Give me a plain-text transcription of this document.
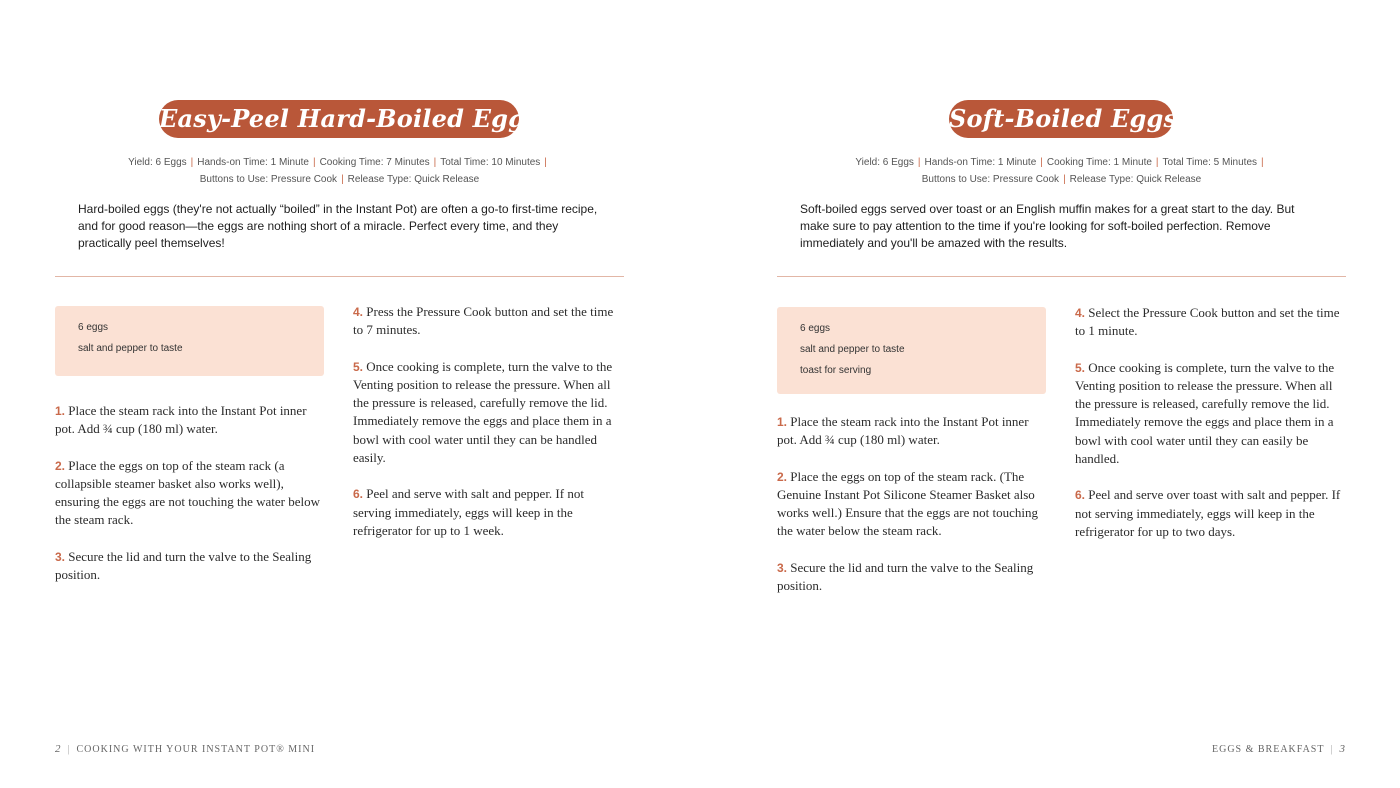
Easy-Peel Hard-Boiled Eggs
Yield: 6 Eggs | Hands-on Time: 1 Minute | Cooking Time: 7 Minutes | Total Time: 10 Minutes |
Buttons to Use: Pressure Cook | Release Type: Quick Release
Hard-boiled eggs (they're not actually “boiled” in the Instant Pot) are often a go-to first-time recipe, and for good reason—the eggs are nothing short of a miracle. Perfect every time, and they practically peel themselves!
6 eggs
salt and pepper to taste
1. Place the steam rack into the Instant Pot inner pot. Add ¾ cup (180 ml) water.
2. Place the eggs on top of the steam rack (a collapsible steamer basket also works well), ensuring the eggs are not touching the water below the steam rack.
3. Secure the lid and turn the valve to the Sealing position.
4. Press the Pressure Cook button and set the time to 7 minutes.
5. Once cooking is complete, turn the valve to the Venting position to release the pressure. When all the pressure is released, carefully remove the lid. Immediately remove the eggs and place them in a bowl with cool water until they can be handled easily.
6. Peel and serve with salt and pepper. If not serving immediately, eggs will keep in the refrigerator for up to 1 week.
Soft-Boiled Eggs
Yield: 6 Eggs | Hands-on Time: 1 Minute | Cooking Time: 1 Minute | Total Time: 5 Minutes |
Buttons to Use: Pressure Cook | Release Type: Quick Release
Soft-boiled eggs served over toast or an English muffin makes for a great start to the day. But make sure to pay attention to the time if you're looking for soft-boiled perfection. Remove immediately and you'll be amazed with the results.
6 eggs
salt and pepper to taste
toast for serving
1. Place the steam rack into the Instant Pot inner pot. Add ¾ cup (180 ml) water.
2. Place the eggs on top of the steam rack. (The Genuine Instant Pot Silicone Steamer Basket also works well.) Ensure that the eggs are not touching the water below the steam rack.
3. Secure the lid and turn the valve to the Sealing position.
4. Select the Pressure Cook button and set the time to 1 minute.
5. Once cooking is complete, turn the valve to the Venting position to release the pressure. When all the pressure is released, carefully remove the lid. Immediately remove the eggs and place them in a bowl with cool water until they can easily be handled.
6. Peel and serve over toast with salt and pepper. If not serving immediately, eggs will keep in the refrigerator for up to two days.
2 | COOKING WITH YOUR INSTANT POT® MINI	EGGS & BREAKFAST | 3
